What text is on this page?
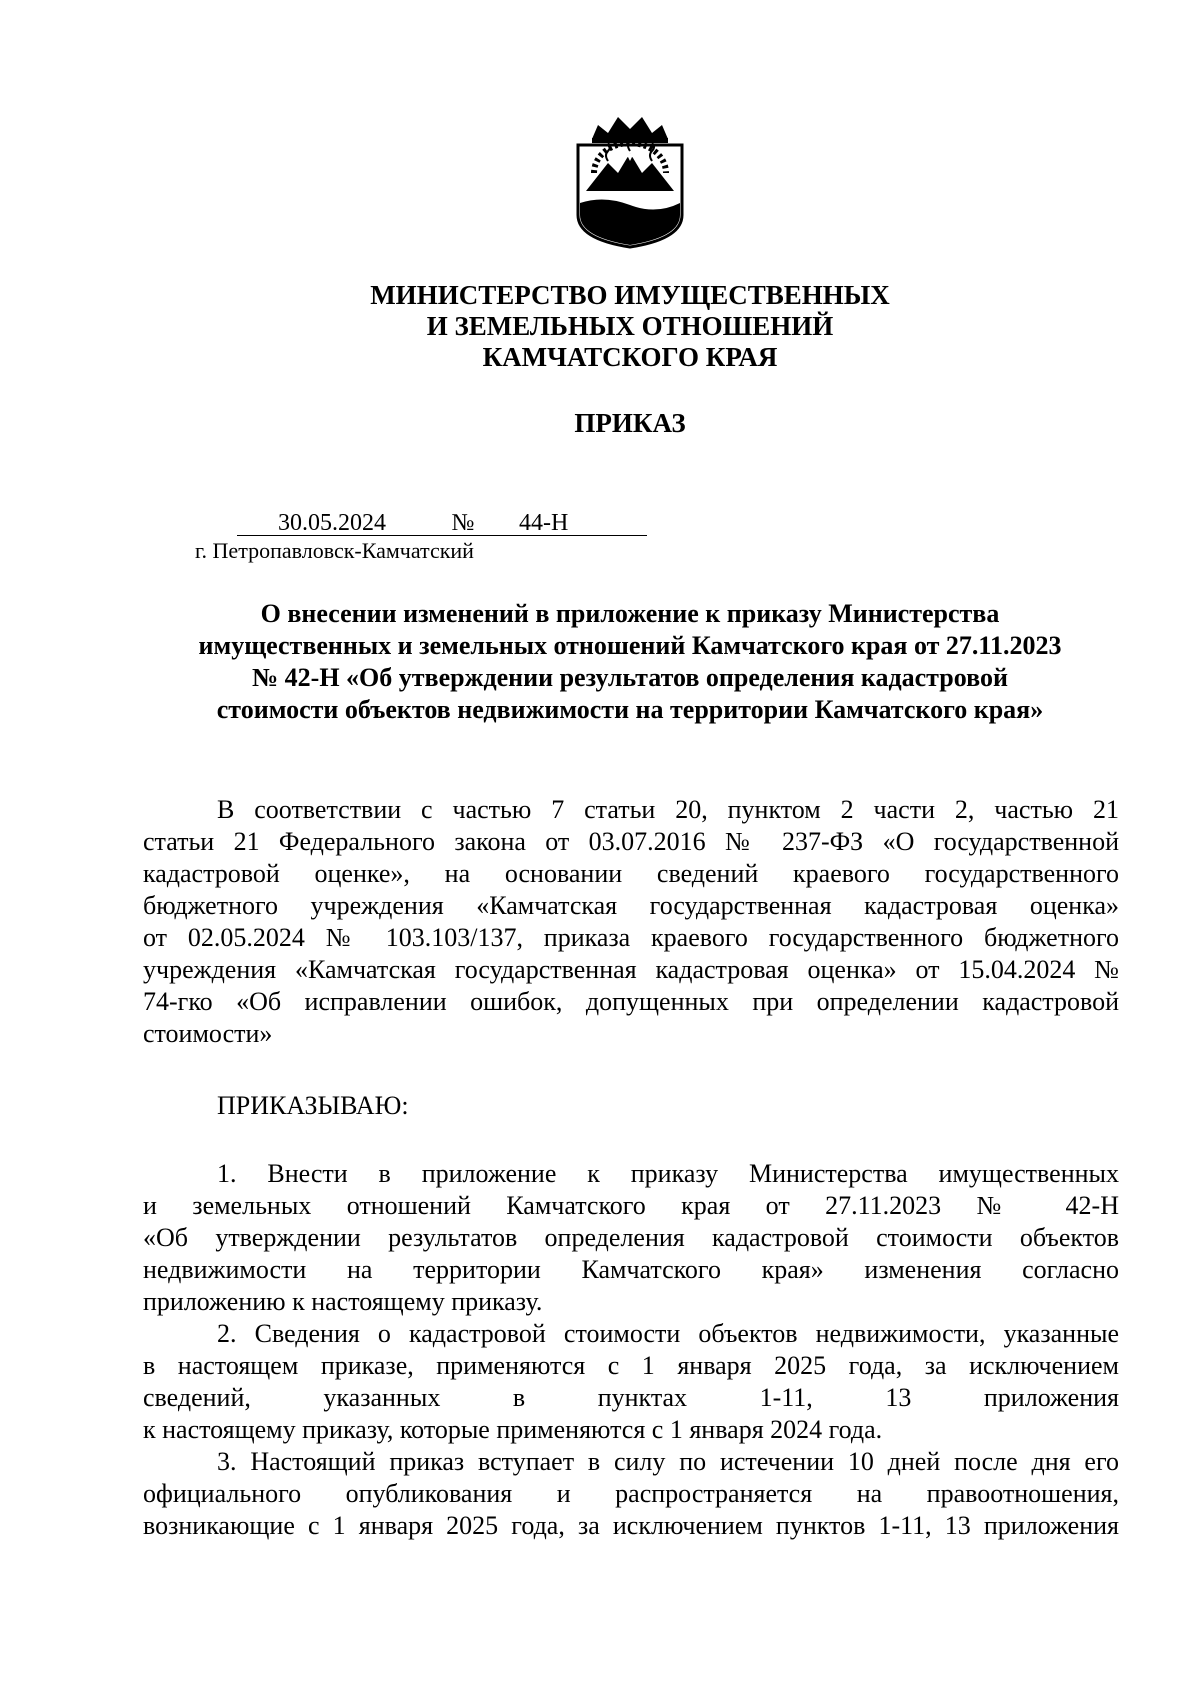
МИНИСТЕРСТВО ИМУЩЕСТВЕННЫХ
И ЗЕМЕЛЬНЫХ ОТНОШЕНИЙ
КАМЧАТСКОГО КРАЯ
ПРИКАЗ
30.05.2024	№	44-Н
г. Петропавловск-Камчатский
О внесении изменений в приложение к приказу Министерства
имущественных и земельных отношений Камчатского края от 27.11.2023
№ 42-Н «Об утверждении результатов определения кадастровой
стоимости объектов недвижимости на территории Камчатского края»
В соответствии с частью 7 статьи 20, пунктом 2 части 2, частью 21
статьи 21 Федерального закона от 03.07.2016 № 237-ФЗ «О государственной
кадастровой оценке», на основании сведений краевого государственного
бюджетного учреждения «Камчатская государственная кадастровая оценка»
от 02.05.2024 № 103.103/137, приказа краевого государственного бюджетного
учреждения «Камчатская государственная кадастровая оценка» от 15.04.2024 №
74-гко «Об исправлении ошибок, допущенных при определении кадастровой
стоимости»
ПРИКАЗЫВАЮ:
1. Внести в приложение к приказу Министерства имущественных
и земельных отношений Камчатского края от 27.11.2023 № 42-Н
«Об утверждении результатов определения кадастровой стоимости объектов
недвижимости на территории Камчатского края» изменения согласно
приложению к настоящему приказу.
2. Сведения о кадастровой стоимости объектов недвижимости, указанные
в настоящем приказе, применяются с 1 января 2025 года, за исключением
сведений, указанных в пунктах 1-11, 13 приложения
к настоящему приказу, которые применяются с 1 января 2024 года.
3. Настоящий приказ вступает в силу по истечении 10 дней после дня его
официального опубликования и распространяется на правоотношения,
возникающие с 1 января 2025 года, за исключением пунктов 1-11, 13 приложения
